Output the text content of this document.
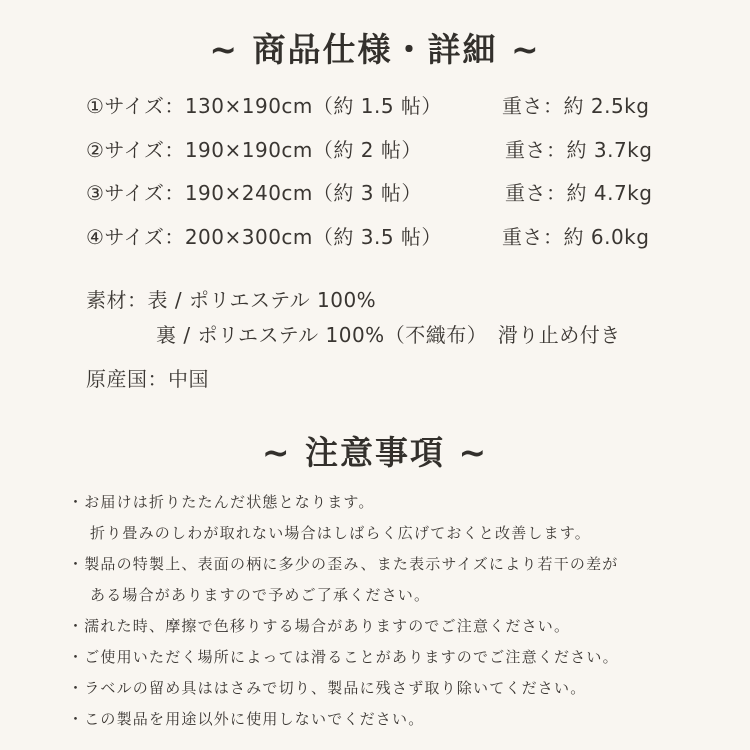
~ 商品仕様・詳細 ~
①サイズ：130×190cm（約 1.5 帖）	重さ：約 2.5kg
②サイズ：190×190cm（約 2 帖）	重さ：約 3.7kg
③サイズ：190×240cm（約 3 帖）	重さ：約 4.7kg
④サイズ：200×300cm（約 3.5 帖）	重さ：約 6.0kg
素材：表 / ポリエステル 100%
裏 / ポリエステル 100%（不織布）　滑り止め付き
原産国：中国
~ 注意事項 ~
・お届けは折りたたんだ状態となります。
折り畳みのしわが取れない場合はしばらく広げておくと改善します。
・製品の特製上、表面の柄に多少の歪み、また表示サイズにより若干の差が
ある場合がありますので予めご了承ください。
・濡れた時、摩擦で色移りする場合がありますのでご注意ください。
・ご使用いただく場所によっては滑ることがありますのでご注意ください。
・ラベルの留め具ははさみで切り、製品に残さず取り除いてください。
・この製品を用途以外に使用しないでください。
